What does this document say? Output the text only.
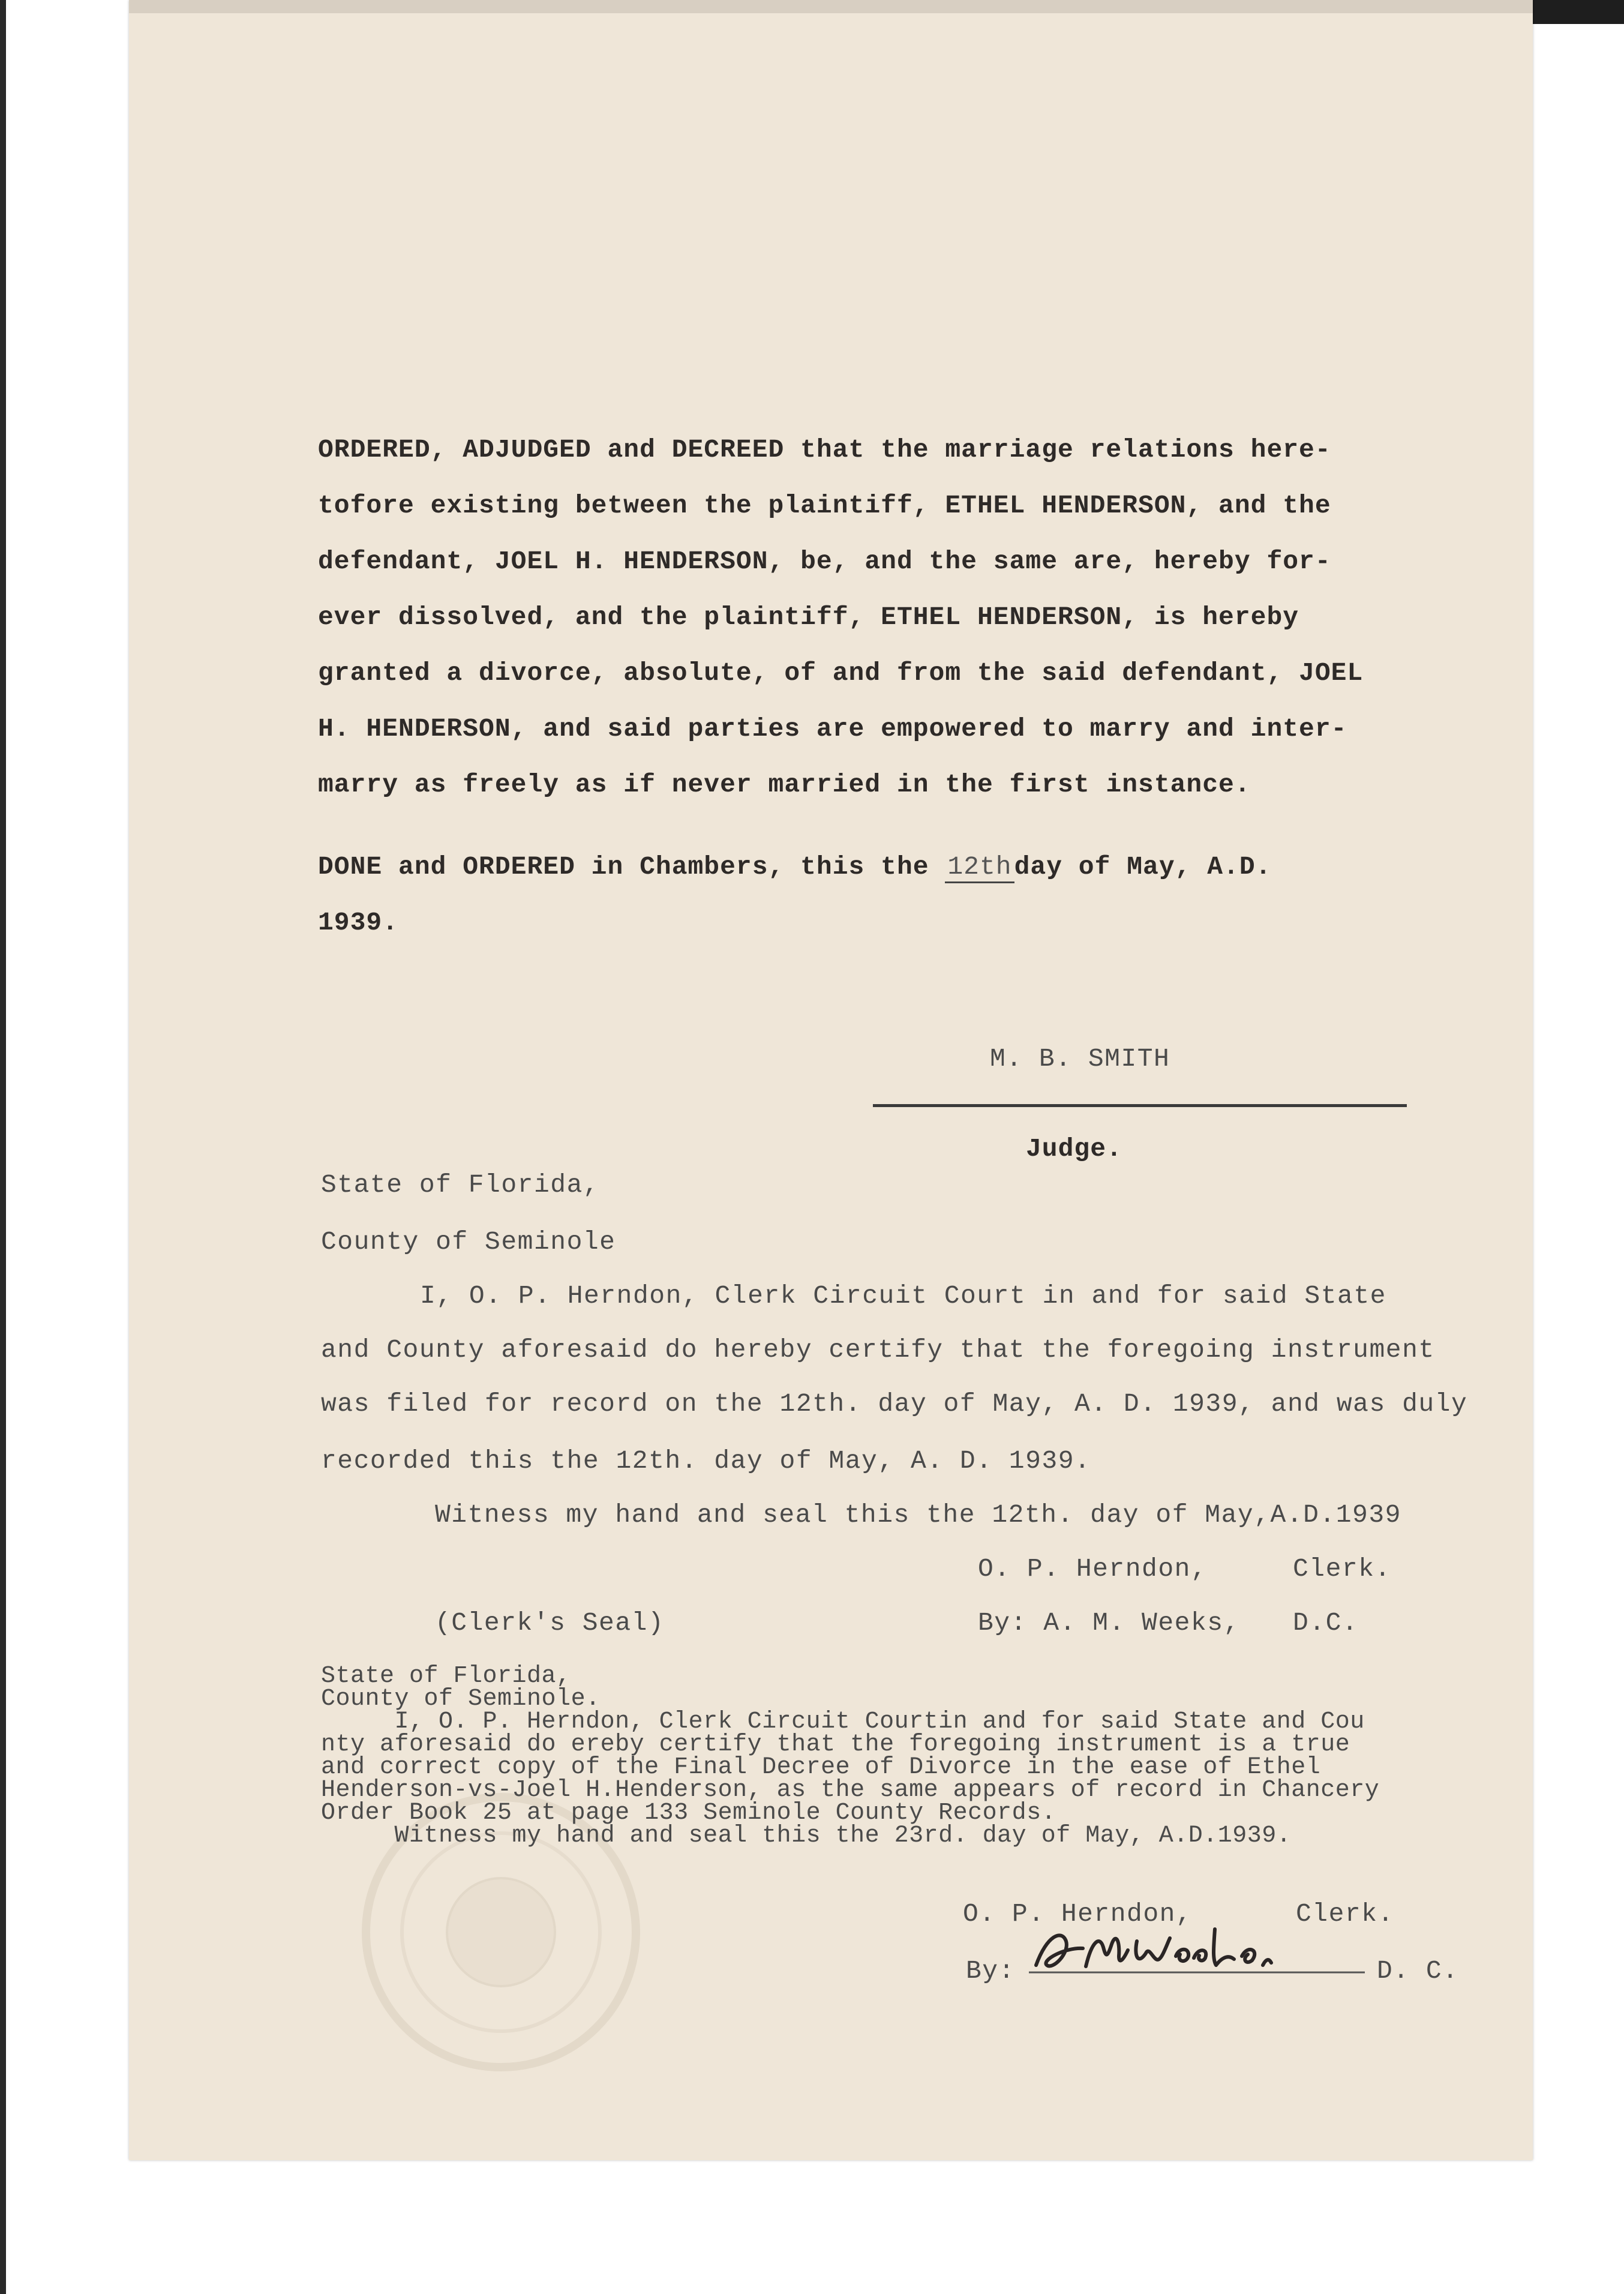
ORDERED, ADJUDGED and DECREED that the marriage relations here-

tofore existing between the plaintiff, ETHEL HENDERSON, and the

defendant, JOEL H. HENDERSON, be, and the same are, hereby for-

ever dissolved, and the plaintiff, ETHEL HENDERSON, is hereby

granted a divorce, absolute, of and from the said defendant, JOEL

H. HENDERSON, and said parties are empowered to marry and inter-

marry as freely as if never married in the first instance.

DONE and ORDERED in Chambers, this the 12thday of May, A.D.

1939.

M. B. SMITH

Judge.

State of Florida,

County of Seminole

I, O. P. Herndon, Clerk Circuit Court in and for said State

and County aforesaid do hereby certify that the foregoing instrument

was filed for record on the 12th. day of May, A. D. 1939, and was duly

recorded this the 12th. day of May, A. D. 1939.

Witness my hand and seal this the 12th. day of May,A.D.1939

O. P. Herndon,	Clerk.

(Clerk's Seal)	By: A. M. Weeks, D.C.

State of Florida,

County of Seminole.

I, O. P. Herndon, Clerk Circuit Courtin and for said State and Cou

nty aforesaid do ereby certify that the foregoing instrument is a true

and correct copy of the Final Decree of Divorce in the ease of Ethel

Henderson-vs-Joel H.Henderson, as the same appears of record in Chancery

Order Book 25 at page 133 Seminole County Records.

Witness my hand and seal this the 23rd. day of May, A.D.1939.

O. P. Herndon,	Clerk.

By:	D. C.
